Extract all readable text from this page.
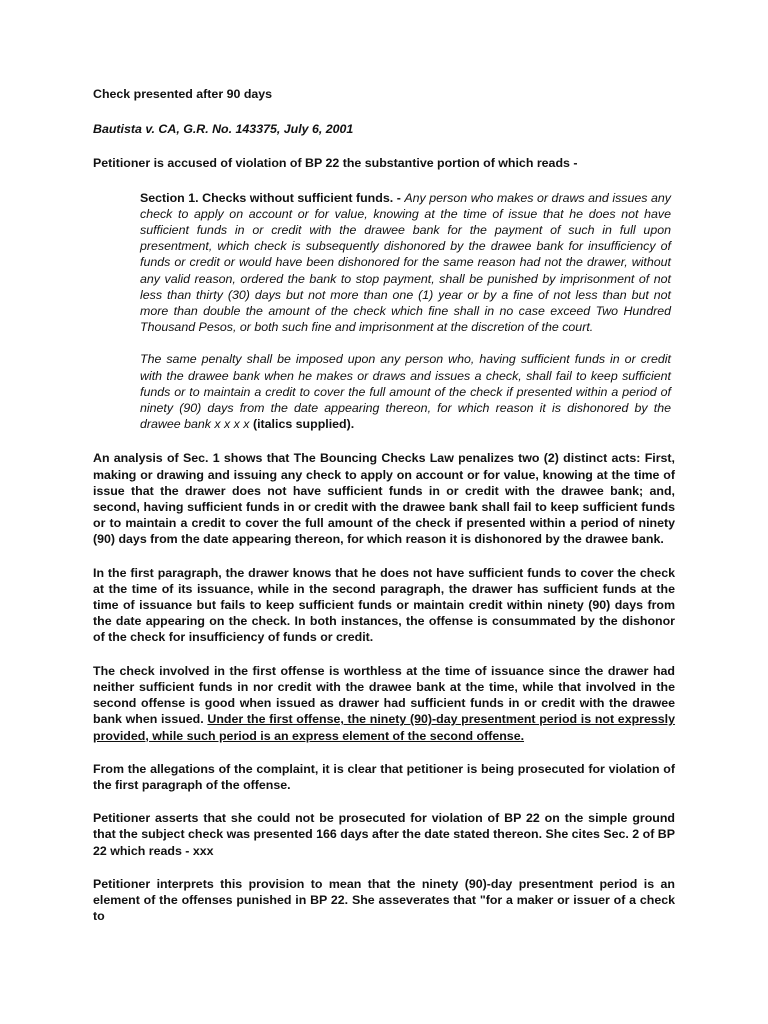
Check presented after 90 days

Bautista v. CA, G.R. No. 143375, July 6, 2001

Petitioner is accused of violation of BP 22 the substantive portion of which reads -

Section 1. Checks without sufficient funds. - Any person who makes or draws and issues any check to apply on account or for value, knowing at the time of issue that he does not have sufficient funds in or credit with the drawee bank for the payment of such in full upon presentment, which check is subsequently dishonored by the drawee bank for insufficiency of funds or credit or would have been dishonored for the same reason had not the drawer, without any valid reason, ordered the bank to stop payment, shall be punished by imprisonment of not less than thirty (30) days but not more than one (1) year or by a fine of not less than but not more than double the amount of the check which fine shall in no case exceed Two Hundred Thousand Pesos, or both such fine and imprisonment at the discretion of the court.

The same penalty shall be imposed upon any person who, having sufficient funds in or credit with the drawee bank when he makes or draws and issues a check, shall fail to keep sufficient funds or to maintain a credit to cover the full amount of the check if presented within a period of ninety (90) days from the date appearing thereon, for which reason it is dishonored by the drawee bank x x x x (italics supplied).

An analysis of Sec. 1 shows that The Bouncing Checks Law penalizes two (2) distinct acts: First, making or drawing and issuing any check to apply on account or for value, knowing at the time of issue that the drawer does not have sufficient funds in or credit with the drawee bank; and, second, having sufficient funds in or credit with the drawee bank shall fail to keep sufficient funds or to maintain a credit to cover the full amount of the check if presented within a period of ninety (90) days from the date appearing thereon, for which reason it is dishonored by the drawee bank.

In the first paragraph, the drawer knows that he does not have sufficient funds to cover the check at the time of its issuance, while in the second paragraph, the drawer has sufficient funds at the time of issuance but fails to keep sufficient funds or maintain credit within ninety (90) days from the date appearing on the check. In both instances, the offense is consummated by the dishonor of the check for insufficiency of funds or credit.

The check involved in the first offense is worthless at the time of issuance since the drawer had neither sufficient funds in nor credit with the drawee bank at the time, while that involved in the second offense is good when issued as drawer had sufficient funds in or credit with the drawee bank when issued. Under the first offense, the ninety (90)-day presentment period is not expressly provided, while such period is an express element of the second offense.

From the allegations of the complaint, it is clear that petitioner is being prosecuted for violation of the first paragraph of the offense.

Petitioner asserts that she could not be prosecuted for violation of BP 22 on the simple ground that the subject check was presented 166 days after the date stated thereon. She cites Sec. 2 of BP 22 which reads - xxx

Petitioner interprets this provision to mean that the ninety (90)-day presentment period is an element of the offenses punished in BP 22. She asseverates that "for a maker or issuer of a check to
